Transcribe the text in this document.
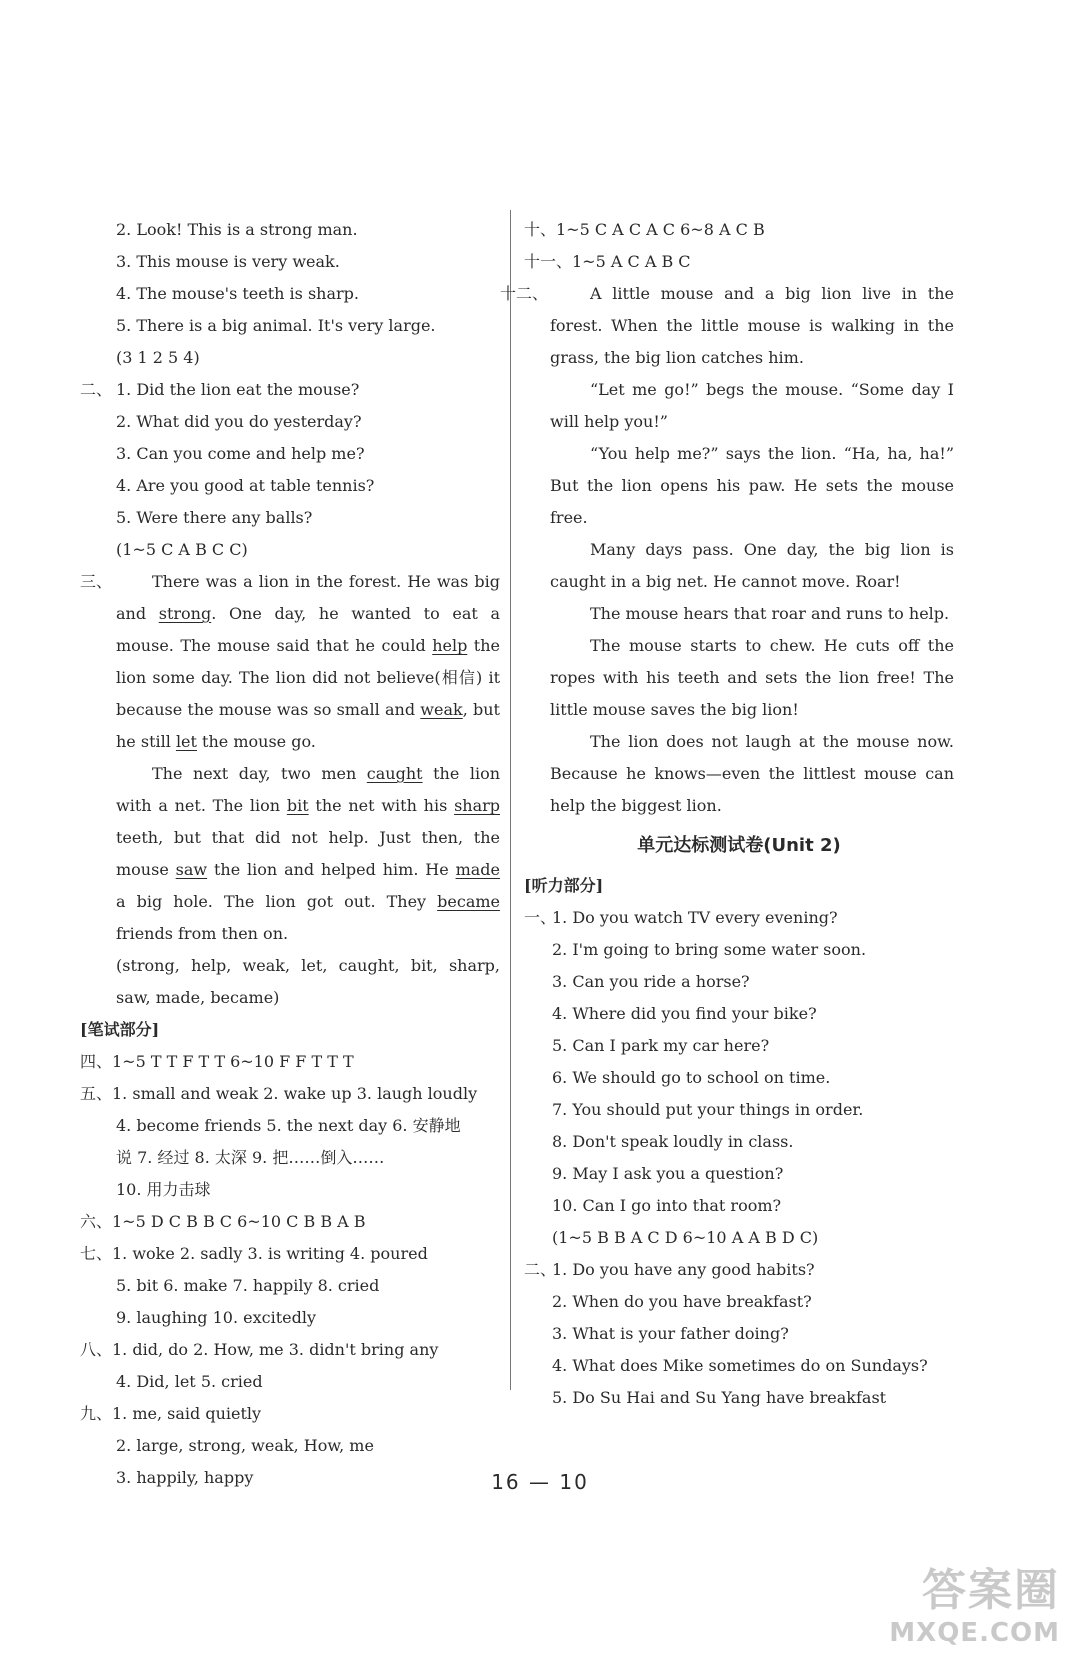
2. Look! This is a strong man.
3. This mouse is very weak.
4. The mouse's teeth is sharp.
5. There is a big animal. It's very large.
(3 1 2 5 4)
二、 1. Did the lion eat the mouse?
2. What did you do yesterday?
3. Can you come and help me?
4. Are you good at table tennis?
5. Were there any balls?
(1~5 C A B C C)
三、	There was a lion in the forest. He was big and strong. One day, he wanted to eat a mouse. The mouse said that he could help the lion some day. The lion did not believe(相信) it because the mouse was so small and weak, but he still let the mouse go.

The next day, two men caught the lion with a net. The lion bit the net with his sharp teeth, but that did not help. Just then, the mouse saw the lion and helped him. He made a big hole. The lion got out. They became friends from then on.

(strong, help, weak, let, caught, bit, sharp, saw, made, became)

[笔试部分]
四、1~5 T T F T T 6~10 F F T T T
五、1. small and weak 2. wake up 3. laugh loudly
4. become friends 5. the next day 6. 安静地
说 7. 经过 8. 太深 9. 把……倒入……
10. 用力击球
六、1~5 D C B B C 6~10 C B B A B
七、1. woke 2. sadly 3. is writing 4. poured
5. bit 6. make 7. happily 8. cried
9. laughing 10. excitedly
八、1. did, do 2. How, me 3. didn't bring any
4. Did, let 5. cried
九、1. me, said quietly
2. large, strong, weak, How, me
3. happily, happy
十、1~5 C A C A C 6~8 A C B
十一、1~5 A C A B C
十二、	A little mouse and a big lion live in the forest. When the little mouse is walking in the grass, the big lion catches him.

“Let me go!” begs the mouse. “Some day I will help you!”

“You help me?” says the lion. “Ha, ha, ha!” But the lion opens his paw. He sets the mouse free.

Many days pass. One day, the big lion is caught in a big net. He cannot move. Roar!

The mouse hears that roar and runs to help.

The mouse starts to chew. He cuts off the ropes with his teeth and sets the lion free! The little mouse saves the big lion!

The lion does not laugh at the mouse now. Because he knows—even the littlest mouse can help the biggest lion.

单元达标测试卷(Unit 2)
[听力部分]
一、1. Do you watch TV every evening?
2. I'm going to bring some water soon.
3. Can you ride a horse?
4. Where did you find your bike?
5. Can I park my car here?
6. We should go to school on time.
7. You should put your things in order.
8. Don't speak loudly in class.
9. May I ask you a question?
10. Can I go into that room?
(1~5 B B A C D 6~10 A A B D C)
二、1. Do you have any good habits?
2. When do you have breakfast?
3. What is your father doing?
4. What does Mike sometimes do on Sundays?
5. Do Su Hai and Su Yang have breakfast
16 — 10
答案圈
MXQE.COM
